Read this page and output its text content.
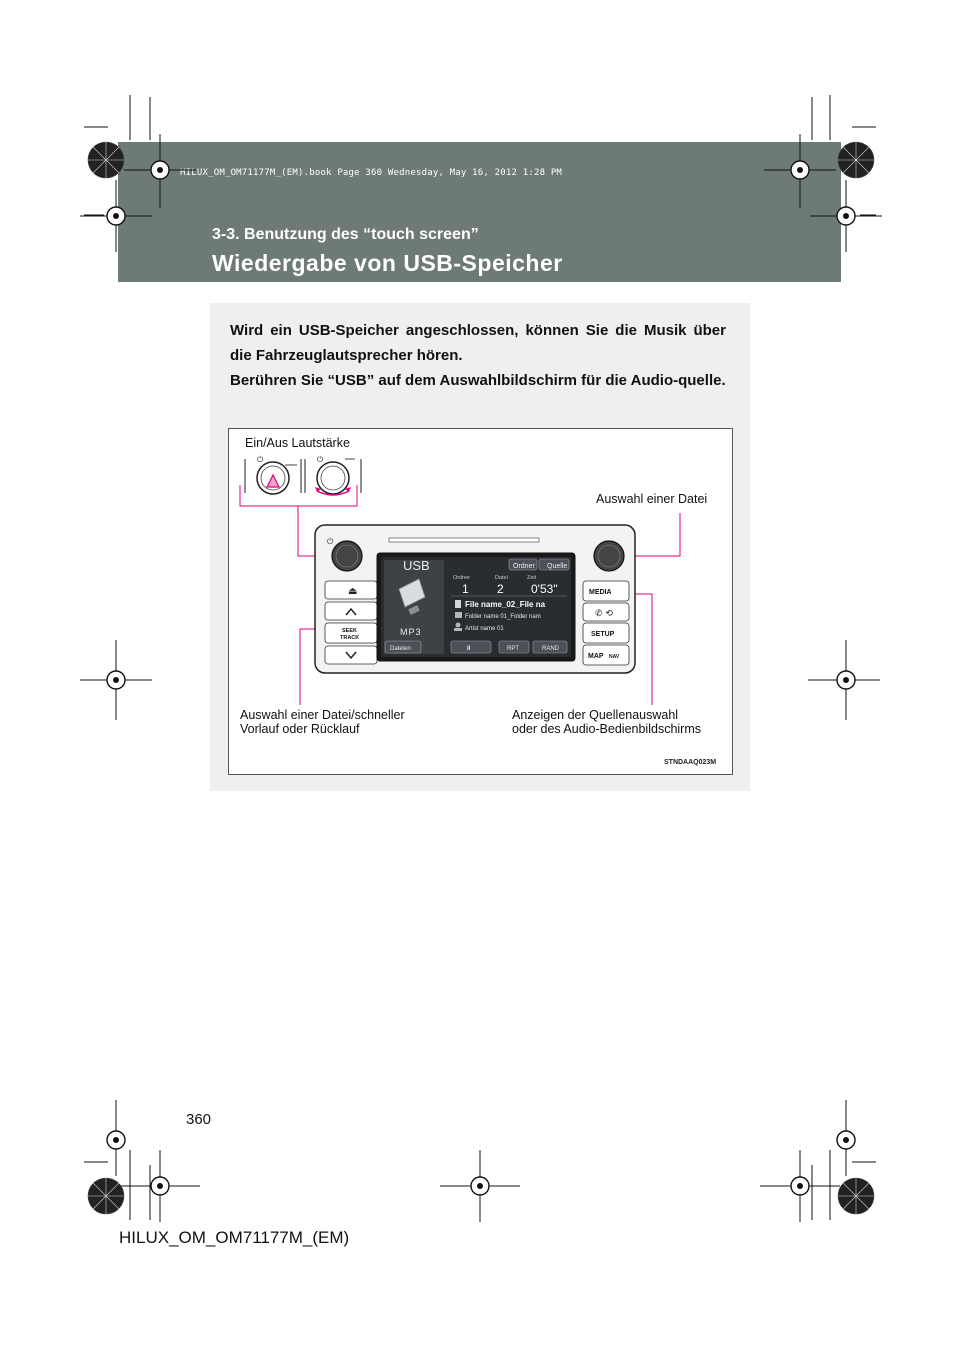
HILUX_OM_OM71177M_(EM).book Page 360 Wednesday, May 16, 2012 1:28 PM
3-3. Benutzung des “touch screen”
Wiedergabe von USB-Speicher
Wird ein USB-Speicher angeschlossen, können Sie die Musik über die Fahrzeuglautsprecher hören.
Berühren Sie “USB” auf dem Auswahlbildschirm für die Audio-quelle.
⏻	⏻
⏻
⏏
✆ ⟲
USB
MP3
Ordner Quelle
Ordner	Datei	Zeit
1 2 0'53"
File name_02_File na
Folder name 01_Folder nam
Artist name 01
Dateien	II	RPT	RAND
MEDIA
SETUP
MAP NAV
SEEK
TRACK
Ein/Aus Lautstärke
Auswahl einer Datei
Auswahl einer Datei/schneller
Vorlauf oder Rücklauf
Anzeigen der Quellenauswahl
oder des Audio-Bedienbildschirms
STNDAAQ023M
360
HILUX_OM_OM71177M_(EM)
